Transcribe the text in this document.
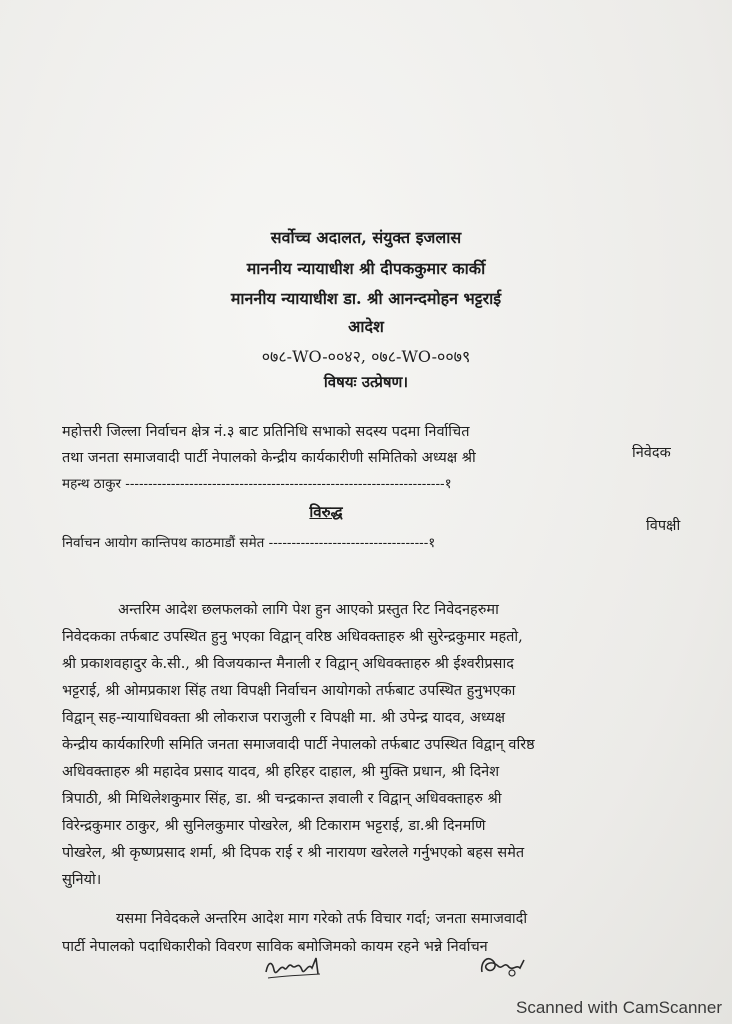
सर्वोच्च अदालत, संयुक्त इजलास
माननीय न्यायाधीश श्री दीपककुमार कार्की
माननीय न्यायाधीश डा. श्री आनन्दमोहन भट्टराई
आदेश
०७८-WO-००४२, ०७८-WO-००७९
विषयः उत्प्रेषण।
महोत्तरी जिल्ला निर्वाचन क्षेत्र नं.३ बाट प्रतिनिधि सभाको सदस्य पदमा निर्वाचित
तथा जनता समाजवादी पार्टी नेपालको केन्द्रीय कार्यकारीणी समितिको अध्यक्ष श्री	निवेदक
महन्थ ठाकुर ----------------------------------------------------------------------१
विरुद्ध
निर्वाचन आयोग कान्तिपथ काठमाडौं समेत -----------------------------------१
विपक्षी
अन्तरिम आदेश छलफलको लागि पेश हुन आएको प्रस्तुत रिट निवेदनहरुमा
निवेदकका तर्फबाट उपस्थित हुनु भएका विद्वान् वरिष्ठ अधिवक्ताहरु श्री सुरेन्द्रकुमार महतो,
श्री प्रकाशवहादुर के.सी., श्री विजयकान्त मैनाली र विद्वान् अधिवक्ताहरु श्री ईश्वरीप्रसाद
भट्टराई, श्री ओमप्रकाश सिंह तथा विपक्षी निर्वाचन आयोगको तर्फबाट उपस्थित हुनुभएका
विद्वान् सह-न्यायाधिवक्ता श्री लोकराज पराजुली र विपक्षी मा. श्री उपेन्द्र यादव, अध्यक्ष
केन्द्रीय कार्यकारिणी समिति जनता समाजवादी पार्टी नेपालको तर्फबाट उपस्थित विद्वान् वरिष्ठ
अधिवक्ताहरु श्री महादेव प्रसाद यादव, श्री हरिहर दाहाल, श्री मुक्ति प्रधान, श्री दिनेश
त्रिपाठी, श्री मिथिलेशकुमार सिंह, डा. श्री चन्द्रकान्त ज्ञवाली र विद्वान् अधिवक्ताहरु श्री
विरेन्द्रकुमार ठाकुर, श्री सुनिलकुमार पोखरेल, श्री टिकाराम भट्टराई, डा.श्री दिनमणि
पोखरेल, श्री कृष्णप्रसाद शर्मा, श्री दिपक राई र श्री नारायण खरेलले गर्नुभएको बहस समेत
सुनियो।
यसमा निवेदकले अन्तरिम आदेश माग गरेको तर्फ विचार गर्दा; जनता समाजवादी
पार्टी नेपालको पदाधिकारीको विवरण साविक बमोजिमको कायम रहने भन्ने निर्वाचन
Scanned with CamScanner
